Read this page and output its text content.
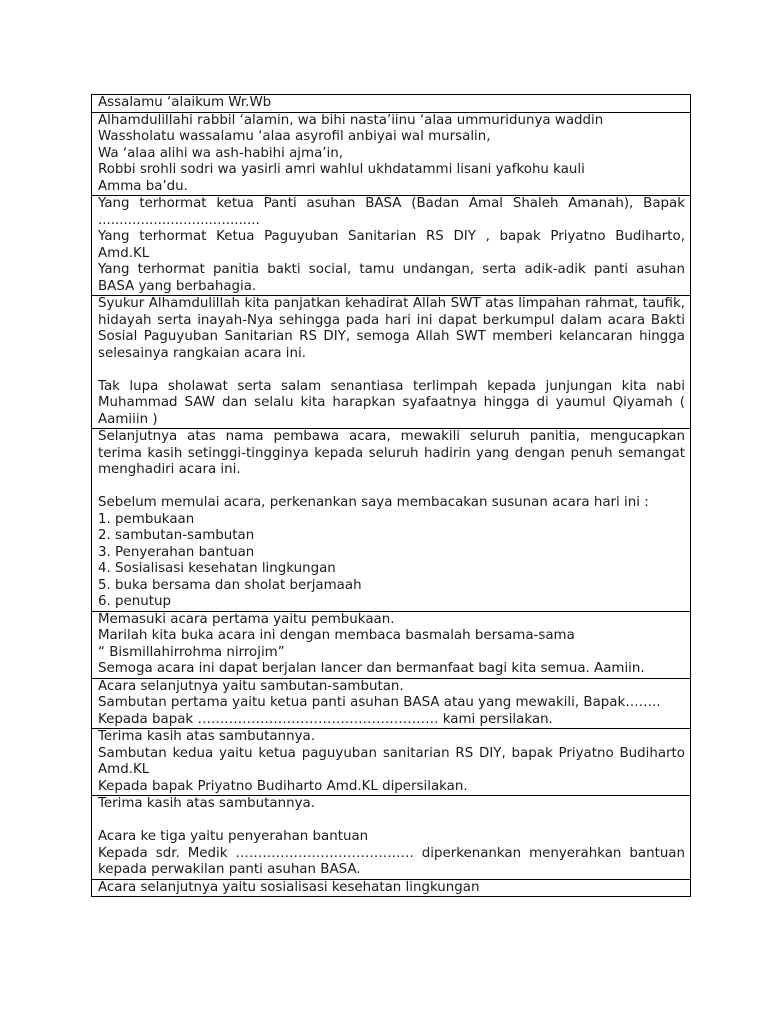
Assalamu ‘alaikum Wr.Wb

Alhamdulillahi rabbil ‘alamin, wa bihi nasta’iinu ‘alaa ummuridunya waddin
Wassholatu wassalamu ‘alaa asyrofil anbiyai wal mursalin,
Wa ‘alaa alihi wa ash-habihi ajma’in,
Robbi srohli sodri wa yasirli amri wahlul ukhdatammi lisani yafkohu kauli
Amma ba’du.

Yang terhormat ketua Panti asuhan BASA (Badan Amal Shaleh Amanah), Bapak ......................................
Yang terhormat Ketua Paguyuban Sanitarian RS DIY , bapak Priyatno Budiharto, Amd.KL
Yang terhormat panitia bakti social, tamu undangan, serta adik-adik panti asuhan BASA yang berbahagia.

Syukur Alhamdulillah kita panjatkan kehadirat Allah SWT atas limpahan rahmat, taufik, hidayah serta inayah-Nya sehingga pada hari ini dapat berkumpul dalam acara Bakti Sosial Paguyuban Sanitarian RS DIY, semoga Allah SWT memberi kelancaran hingga selesainya rangkaian acara ini.
Tak lupa sholawat serta salam senantiasa terlimpah kepada junjungan kita nabi Muhammad SAW dan selalu kita harapkan syafaatnya hingga di yaumul Qiyamah ( Aamiiin )

Selanjutnya atas nama pembawa acara, mewakili seluruh panitia, mengucapkan terima kasih setinggi-tingginya kepada seluruh hadirin yang dengan penuh semangat menghadiri acara ini.
Sebelum memulai acara, perkenankan saya membacakan susunan acara hari ini :
1. pembukaan
2. sambutan-sambutan
3. Penyerahan bantuan
4. Sosialisasi kesehatan lingkungan
5. buka bersama dan sholat berjamaah
6. penutup

Memasuki acara pertama yaitu pembukaan.
Marilah kita buka acara ini dengan membaca basmalah bersama-sama
“ Bismillahirrohma nirrojim”
Semoga acara ini dapat berjalan lancer dan bermanfaat bagi kita semua. Aamiin.

Acara selanjutnya yaitu sambutan-sambutan.
Sambutan pertama yaitu ketua panti asuhan BASA atau yang mewakili, Bapak……..
Kepada bapak ……………………………………………… kami persilakan.

Terima kasih atas sambutannya.
Sambutan kedua yaitu ketua paguyuban sanitarian RS DIY, bapak Priyatno Budiharto Amd.KL
Kepada bapak Priyatno Budiharto Amd.KL dipersilakan.

Terima kasih atas sambutannya.
Acara ke tiga yaitu penyerahan bantuan
Kepada sdr. Medik …………………………………. diperkenankan menyerahkan bantuan kepada perwakilan panti asuhan BASA.

Acara selanjutnya yaitu sosialisasi kesehatan lingkungan
